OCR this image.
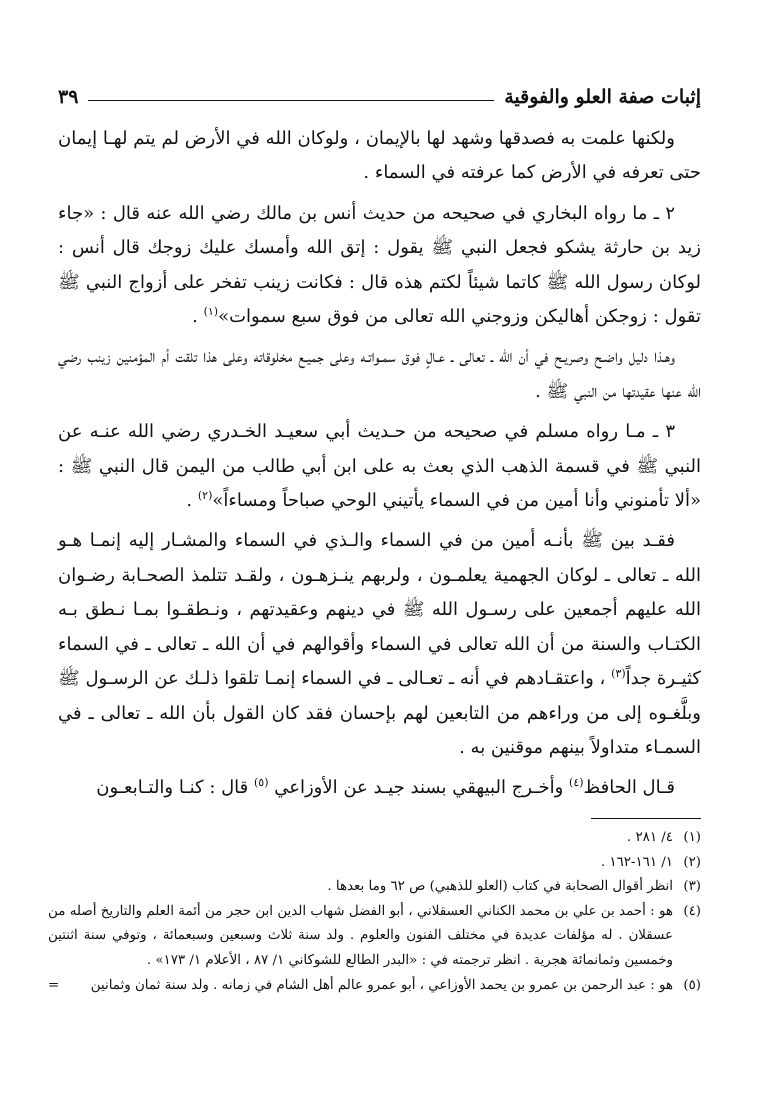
إثبات صفة العلو والفوقية
٣٩

ولكنها علمت به فصدقها وشهد لها بالإيمان ، ولوكان الله في الأرض لم يتم لهـا إيمان حتى تعرفه في الأرض كما عرفته في السماء .

٢ ـ ما رواه البخاري في صحيحه من حديث أنس بن مالك رضي الله عنه قال : «جاء زيد بن حارثة يشكو فجعل النبي ﷺ يقول : إتق الله وأمسك عليك زوجك قال أنس : لوكان رسول الله ﷺ كاتما شيئاً لكتم هذه قال : فكانت زينب تفخر على أزواج النبي ﷺ تقول : زوجكن أهاليكن وزوجني الله تعالى من فوق سبع سموات»$^{(١)}$ .

وهـذا دليل واضـح وصريـح في أن الله ـ تعالى ـ عـالٍ فوق سمـواتـه وعلى جميـع مخلوقاته وعلى هذا تلقت أم المؤمنين زينب رضي الله عنها عقيدتها من النبي ﷺ .

٣ ـ مـا رواه مسلم في صحيحه من حـديث أبي سعيـد الخـدري رضي الله عنـه عن النبي ﷺ في قسمة الذهب الذي بعث به على ابن أبي طالب من اليمن قال النبي ﷺ : «ألا تأمنوني وأنا أمين من في السماء يأتيني الوحي صباحاً ومساءاً»$^{(٢)}$ .

فقـد بين ﷺ بأنـه أمين من في السماء والـذي في السماء والمشـار إليه إنمـا هـو الله ـ تعالى ـ لوكان الجهمية يعلمـون ، ولربهم ينـزهـون ، ولقـد تتلمذ الصحـابة رضـوان الله عليهم أجمعين على رسـول الله ﷺ في دينهم وعقيدتهم ، ونـطقـوا بمـا نـطق بـه الكتـاب والسنة من أن الله تعالى في السماء وأقوالهم في أن الله ـ تعالى ـ في السماء كثيـرة جداً$^{(٣)}$ ، واعتقـادهم في أنه ـ تعـالى ـ في السماء إنمـا تلقوا ذلـك عن الرسـول ﷺ وبلَّغـوه إلى من وراءهم من التابعين لهم بإحسان فقد كان القول بأن الله ـ تعالى ـ في السمـاء متداولاً بينهم موقنين به .

قـال الحافظ$^{(٤)}$ وأخـرج البيهقي بسند جيـد عن الأوزاعي $^{(٥)}$ قال : كنـا والتـابعـون

(١)
٤/ ٢٨١ .

(٢)
١/ ١٦١-١٦٢ .

(٣)
انظر أقوال الصحابة في كتاب (العلو للذهبي) ص ٦٢ وما بعدها .

(٤)
هو : أحمد بن علي بن محمد الكناني العسقلاني ، أبو الفضل شهاب الدين ابن حجر من أئمة العلم والتاريخ أصله من عسقلان . له مؤلفات عديدة في مختلف الفنون والعلوم . ولد سنة ثلاث وسبعين وسبعمائة ، وتوفي سنة اثنتين وخمسين وثمانمائة هجرية . انظر ترجمته في : «البدر الطالع للشوكاني ١/ ٨٧ ، الأعلام ١/ ١٧٣» .

(٥)
هو : عبد الرحمن بن عمرو بن يحمد الأوزاعي ، أبو عمرو عالم أهل الشام في زمانه . ولد سنة ثمان وثمانين
=
